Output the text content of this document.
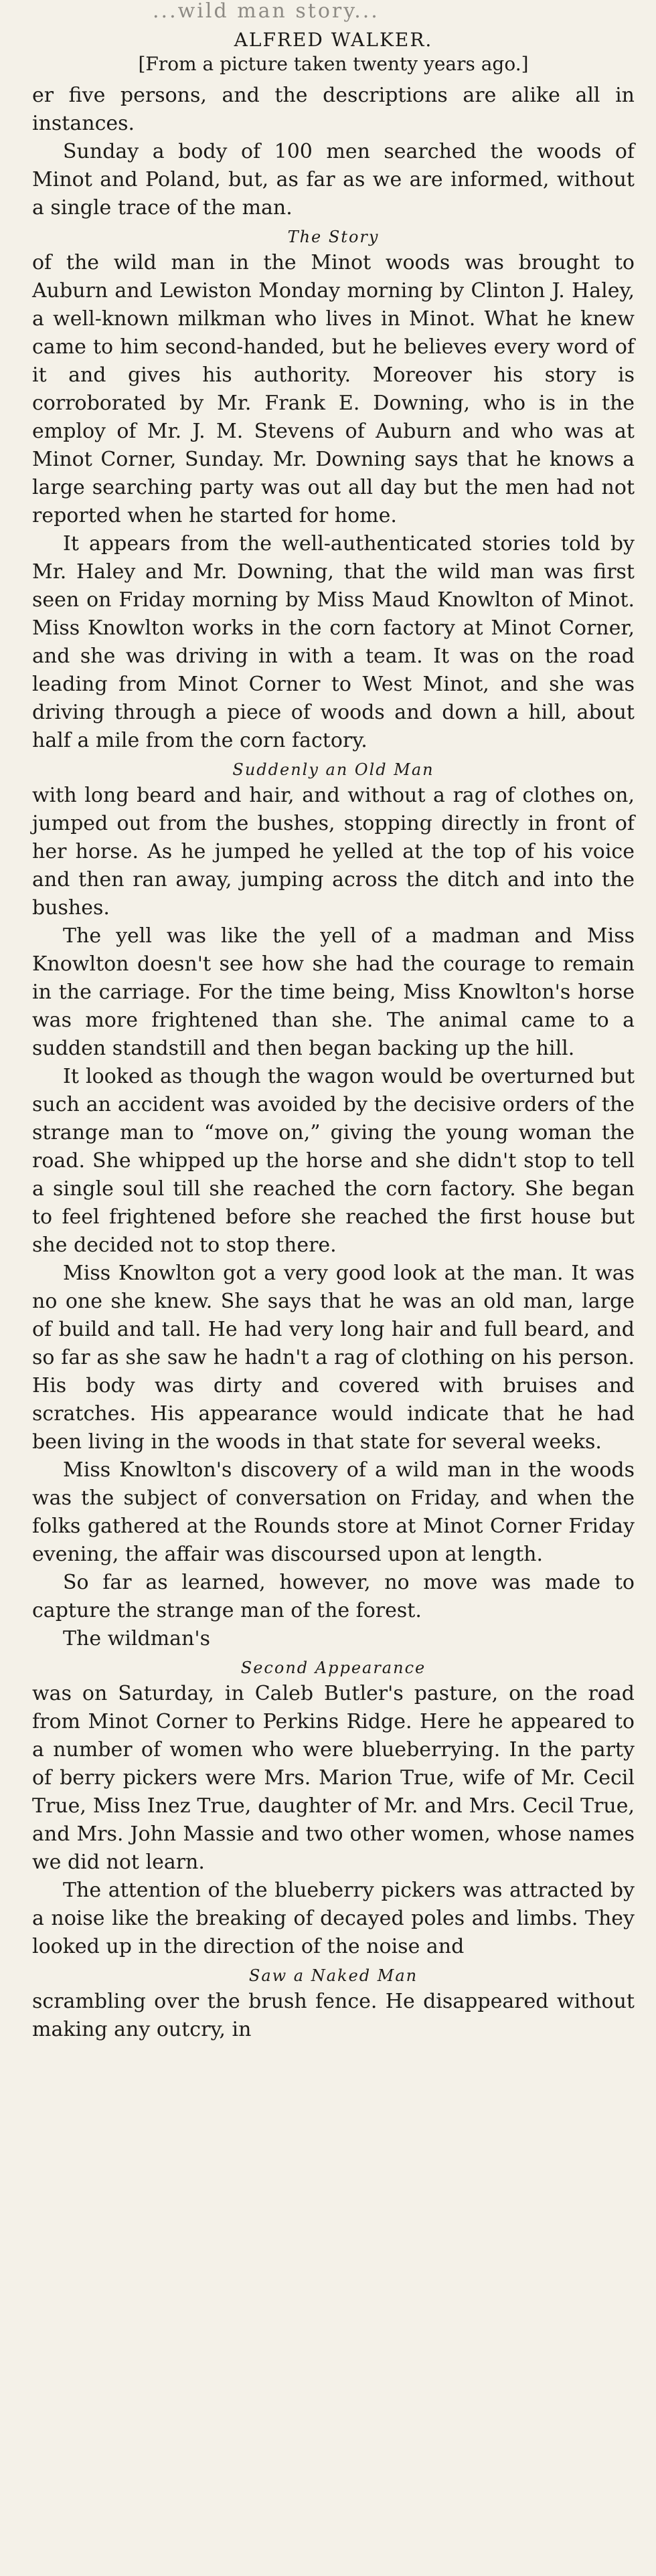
...wild man story...
ALFRED WALKER.
[From a picture taken twenty years ago.]

er five persons, and the descriptions are alike all in instances.

Sunday a body of 100 men searched the woods of Minot and Poland, but, as far as we are informed, without a single trace of the man.

The Story

of the wild man in the Minot woods was brought to Auburn and Lewiston Monday morning by Clinton J. Haley, a well-known milkman who lives in Minot. What he knew came to him second-handed, but he believes every word of it and gives his authority. Moreover his story is corroborated by Mr. Frank E. Downing, who is in the employ of Mr. J. M. Stevens of Auburn and who was at Minot Corner, Sunday. Mr. Downing says that he knows a large searching party was out all day but the men had not reported when he started for home.

It appears from the well-authenticated stories told by Mr. Haley and Mr. Downing, that the wild man was first seen on Friday morning by Miss Maud Knowlton of Minot. Miss Knowlton works in the corn factory at Minot Corner, and she was driving in with a team. It was on the road leading from Minot Corner to West Minot, and she was driving through a piece of woods and down a hill, about half a mile from the corn factory.

Suddenly an Old Man

with long beard and hair, and without a rag of clothes on, jumped out from the bushes, stopping directly in front of her horse. As he jumped he yelled at the top of his voice and then ran away, jumping across the ditch and into the bushes.

The yell was like the yell of a madman and Miss Knowlton doesn't see how she had the courage to remain in the carriage. For the time being, Miss Knowlton's horse was more frightened than she. The animal came to a sudden standstill and then began backing up the hill.

It looked as though the wagon would be overturned but such an accident was avoided by the decisive orders of the strange man to “move on,” giving the young woman the road. She whipped up the horse and she didn't stop to tell a single soul till she reached the corn factory. She began to feel frightened before she reached the first house but she decided not to stop there.

Miss Knowlton got a very good look at the man. It was no one she knew. She says that he was an old man, large of build and tall. He had very long hair and full beard, and so far as she saw he hadn't a rag of clothing on his person. His body was dirty and covered with bruises and scratches. His appearance would indicate that he had been living in the woods in that state for several weeks.

Miss Knowlton's discovery of a wild man in the woods was the subject of conversation on Friday, and when the folks gathered at the Rounds store at Minot Corner Friday evening, the affair was discoursed upon at length.

So far as learned, however, no move was made to capture the strange man of the forest.

The wildman's

Second Appearance

was on Saturday, in Caleb Butler's pasture, on the road from Minot Corner to Perkins Ridge. Here he appeared to a number of women who were blueberrying. In the party of berry pickers were Mrs. Marion True, wife of Mr. Cecil True, Miss Inez True, daughter of Mr. and Mrs. Cecil True, and Mrs. John Massie and two other women, whose names we did not learn.

The attention of the blueberry pickers was attracted by a noise like the breaking of decayed poles and limbs. They looked up in the direction of the noise and

Saw a Naked Man

scrambling over the brush fence. He disappeared without making any outcry, in
